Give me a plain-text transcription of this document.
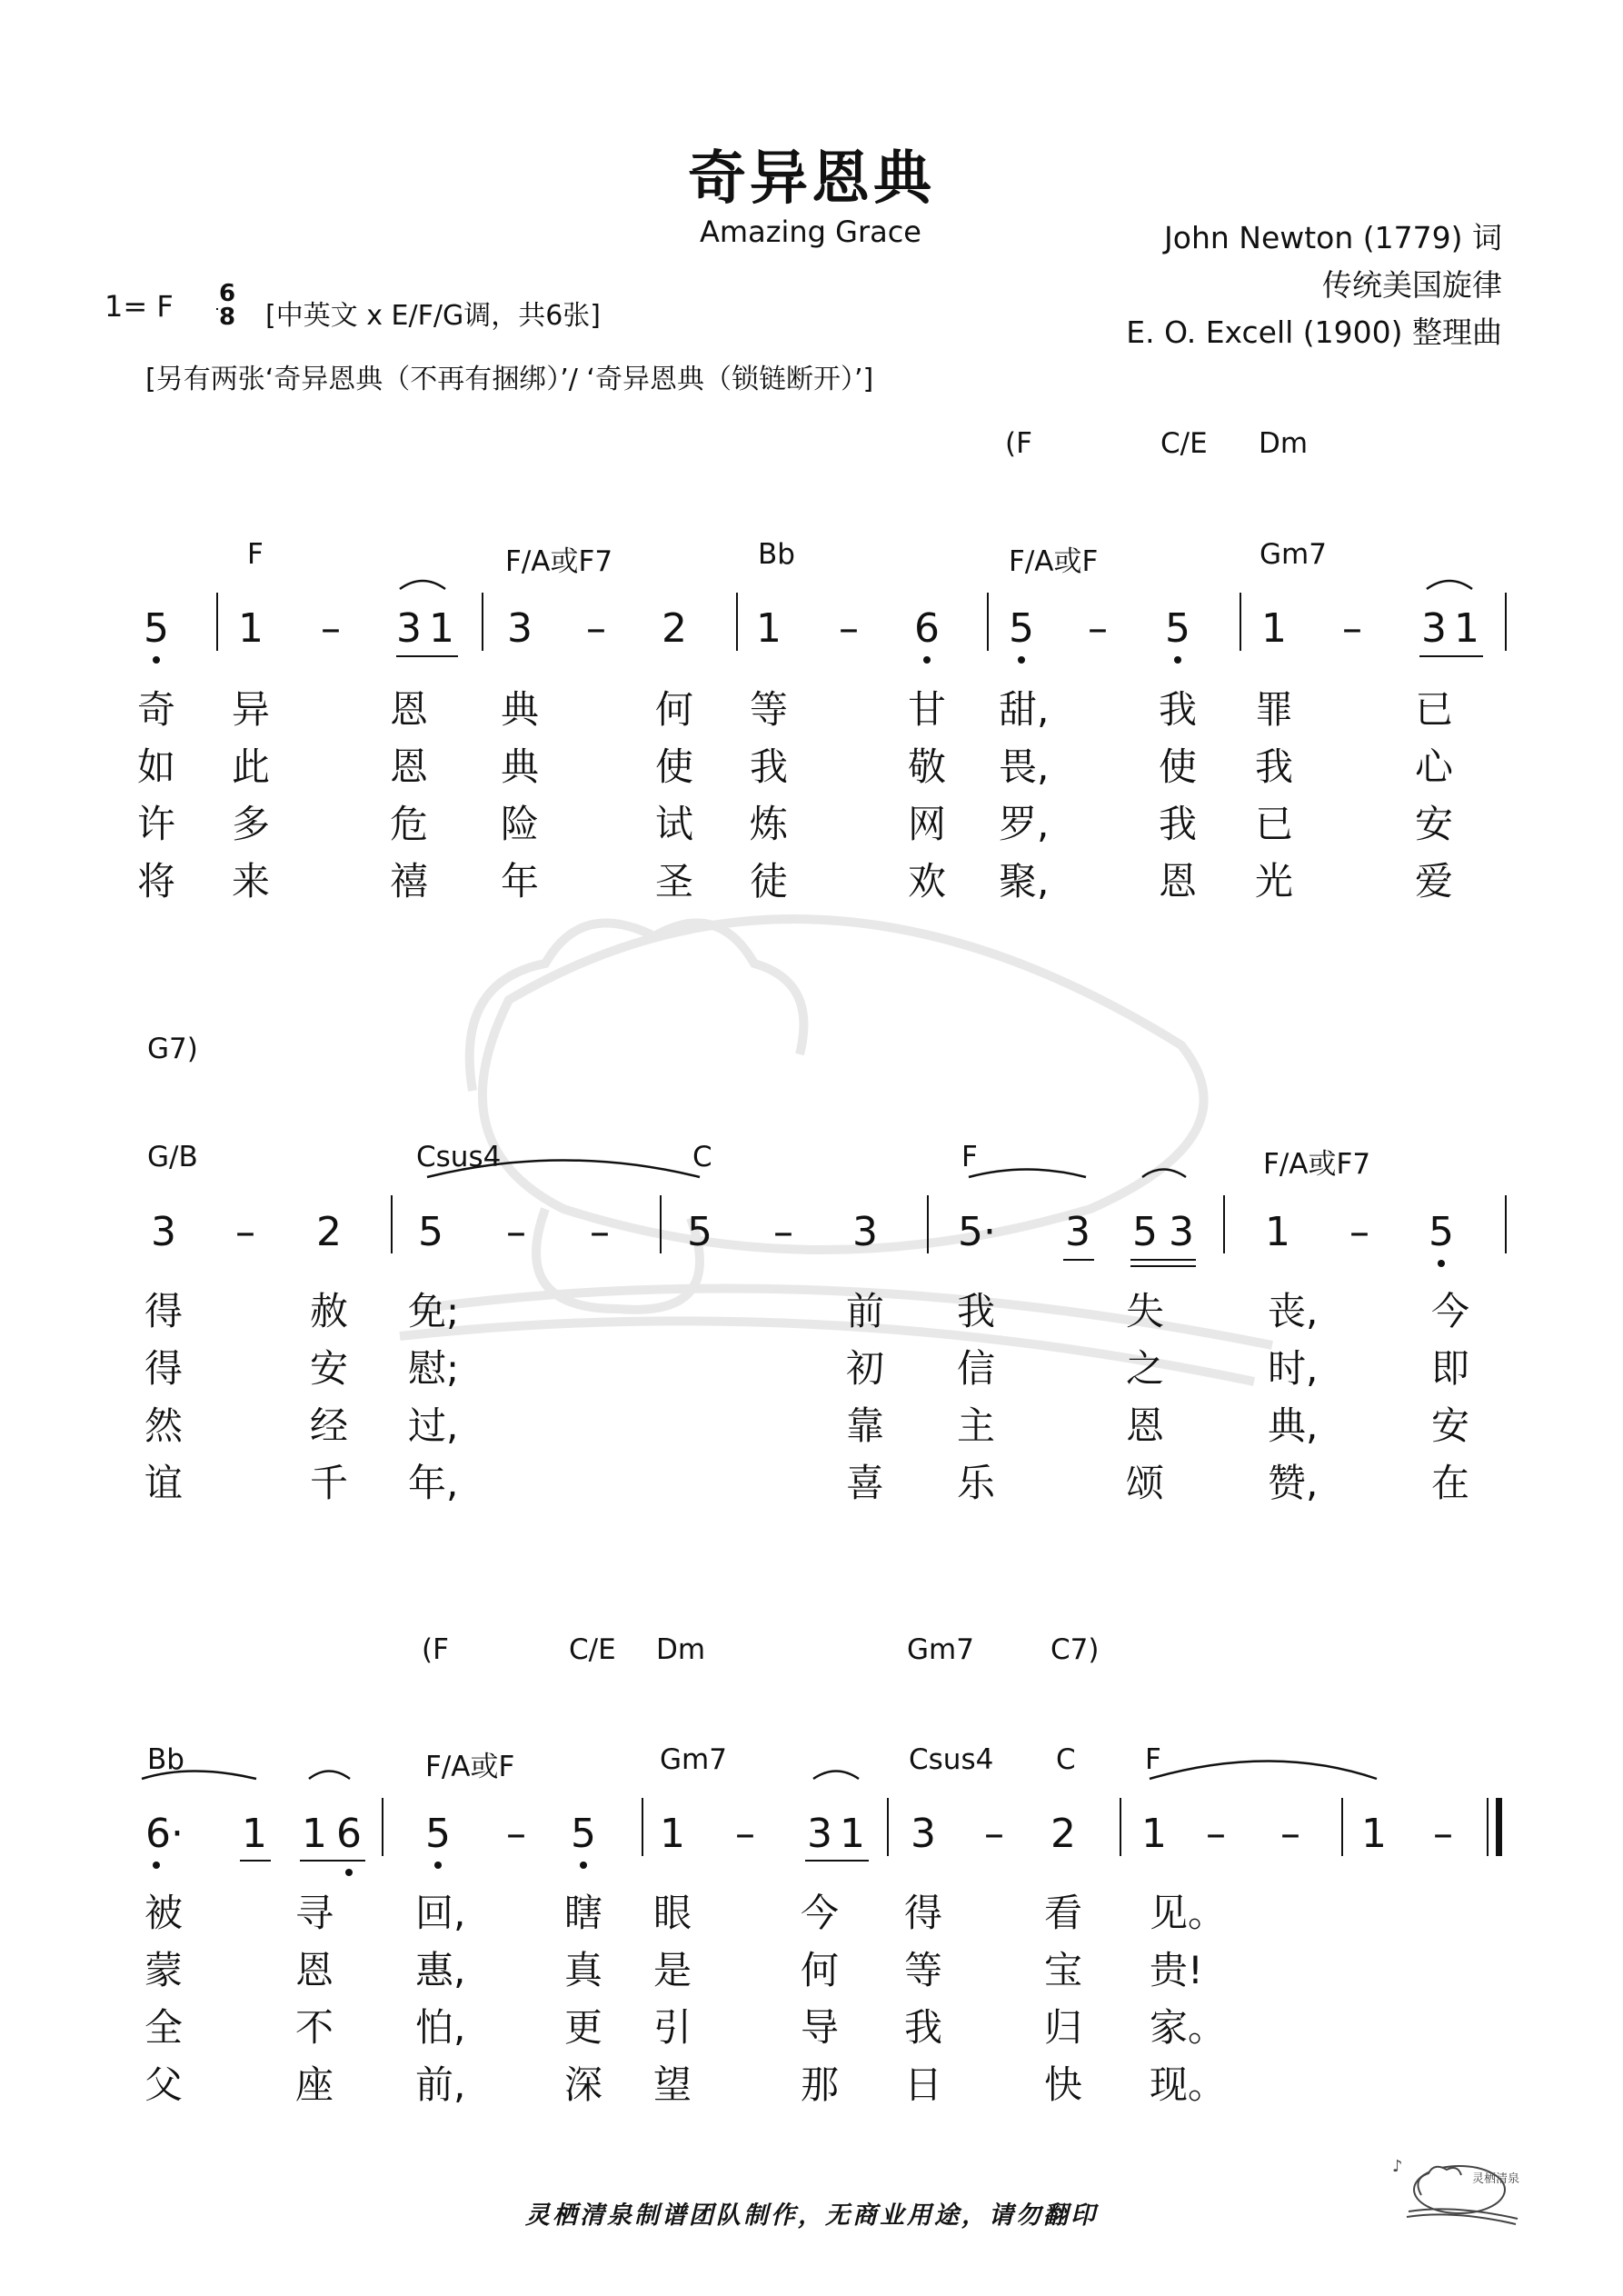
奇异恩典
Amazing Grace	John Newton (1779) 词
传统美国旋律
E. O. Excell (1900) 整理曲
1= F 6
8 [中英文 x E/F/G调，共6张]
[另有两张‘奇异恩典（不再有捆绑）’/ ‘奇异恩典（锁链断开）’]
(F	C/E Dm
F	F/A或F7	Bb	F/A或F	Gm7
5 1 – 3 1 3 – 2 1 – 6 5 – 5 1 – 3 1
奇 异	恩 典	何 等	甘 甜,	我 罪	已
如 此	恩 典	使 我	敬 畏,	使 我	心
许 多	危 险	试 炼	网 罗,	我 已	安
将 来	禧 年	圣 徒	欢 聚,	恩 光	爱
G7)
G/B	Csus4	C	F	F/A或F7
3 – 2 5 – – 5 – 3 5· 3 5 3 1 – 5
得	赦 免;	前 我	失	丧,	今
得	安 慰;	初 信	之	时,	即
然	经 过,	靠 主	恩	典,	安
谊	千 年,	喜 乐	颂	赞,	在
(F	C/E Dm	Gm7	C7)
Bb	F/A或F	Gm7	Csus4 C F
6· 1 1 6 5 – 5 1 – 3 1 3 – 2 1 – – 1 –
被	寻 回,	瞎 眼	今 得	看 见。
蒙	恩 惠,	真 是	何 等	宝 贵!
全	不 怕,	更 引	导 我	归 家。
父	座 前,	深 望	那 日	快 现。
灵栖清泉制谱团队制作，无商业用途，请勿翻印
♪
灵栖清泉
